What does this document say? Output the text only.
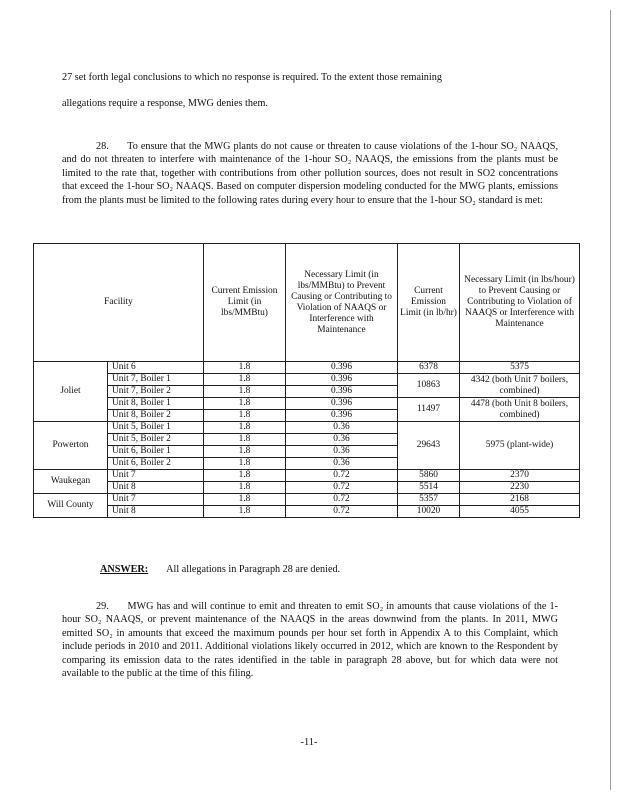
27 set forth legal conclusions to which no response is required. To the extent those remaining

allegations require a response, MWG denies them.

28. To ensure that the MWG plants do not cause or threaten to cause violations of the 1-hour SO₂ NAAQS, and do not threaten to interfere with maintenance of the 1-hour SO₂ NAAQS, the emissions from the plants must be limited to the rate that, together with contributions from other pollution sources, does not result in SO2 concentrations that exceed the 1-hour SO₂ NAAQS. Based on computer dispersion modeling conducted for the MWG plants, emissions from the plants must be limited to the following rates during every hour to ensure that the 1-hour SO₂ standard is met:

Facility		Current Emission Limit (in lbs/MMBtu)	Necessary Limit (in lbs/MMBtu) to Prevent Causing or Contributing to Violation of NAAQS or Interference with Maintenance	Current Emission Limit (in lb/hr)	Necessary Limit (in lbs/hour) to Prevent Causing or Contributing to Violation of NAAQS or Interference with Maintenance
Joliet	Unit 6	1.8	0.396	6378	5375
	Unit 7, Boiler 1	1.8	0.396	10863	4342 (both Unit 7 boilers, combined)
	Unit 7, Boiler 2	1.8	0.396		
	Unit 8, Boiler 1	1.8	0.396	11497	4478 (both Unit 8 boilers, combined)
	Unit 8, Boiler 2	1.8	0.396		
Powerton	Unit 5, Boiler 1	1.8	0.36	29643	5975 (plant-wide)
	Unit 5, Boiler 2	1.8	0.36		
	Unit 6, Boiler 1	1.8	0.36		
	Unit 6, Boiler 2	1.8	0.36		
Waukegan	Unit 7	1.8	0.72	5860	2370
	Unit 8	1.8	0.72	5514	2230
Will County	Unit 7	1.8	0.72	5357	2168
	Unit 8	1.8	0.72	10020	4055
ANSWER: All allegations in Paragraph 28 are denied.

29. MWG has and will continue to emit and threaten to emit SO₂ in amounts that cause violations of the 1-hour SO₂ NAAQS, or prevent maintenance of the NAAQS in the areas downwind from the plants. In 2011, MWG emitted SO₂ in amounts that exceed the maximum pounds per hour set forth in Appendix A to this Complaint, which include periods in 2010 and 2011. Additional violations likely occurred in 2012, which are known to the Respondent by comparing its emission data to the rates identified in the table in paragraph 28 above, but for which data were not available to the public at the time of this filing.

-11-
